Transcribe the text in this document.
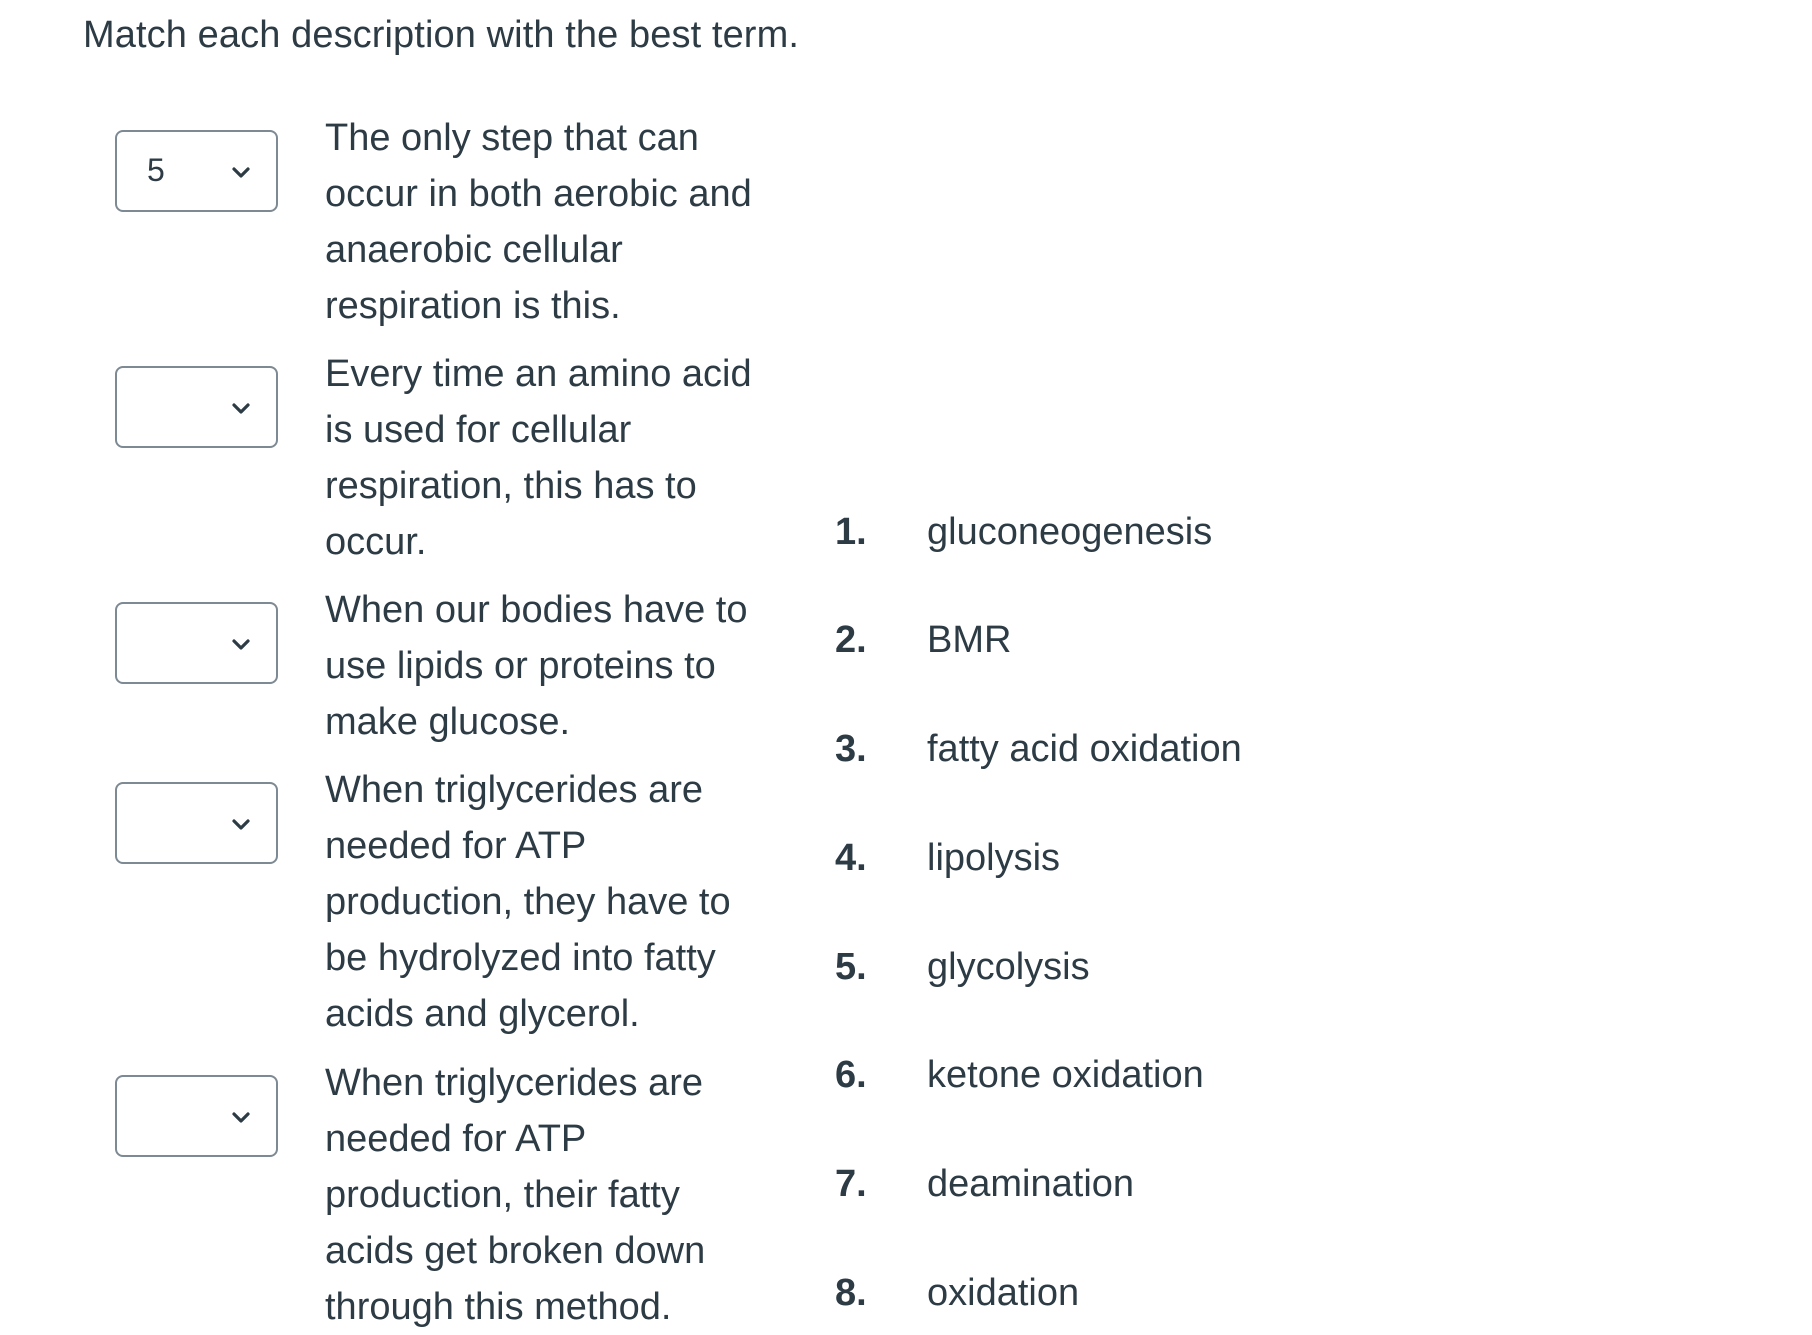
Match each description with the best term.
5
The only step that can occur in both aerobic and anaerobic cellular respiration is this.
Every time an amino acid is used for cellular respiration, this has to occur.
When our bodies have to use lipids or proteins to make glucose.
When triglycerides are needed for ATP production, they have to be hydrolyzed into fatty acids and glycerol.
When triglycerides are needed for ATP production, their fatty acids get broken down through this method.
1. gluconeogenesis
2. BMR
3. fatty acid oxidation
4. lipolysis
5. glycolysis
6. ketone oxidation
7. deamination
8. oxidation
